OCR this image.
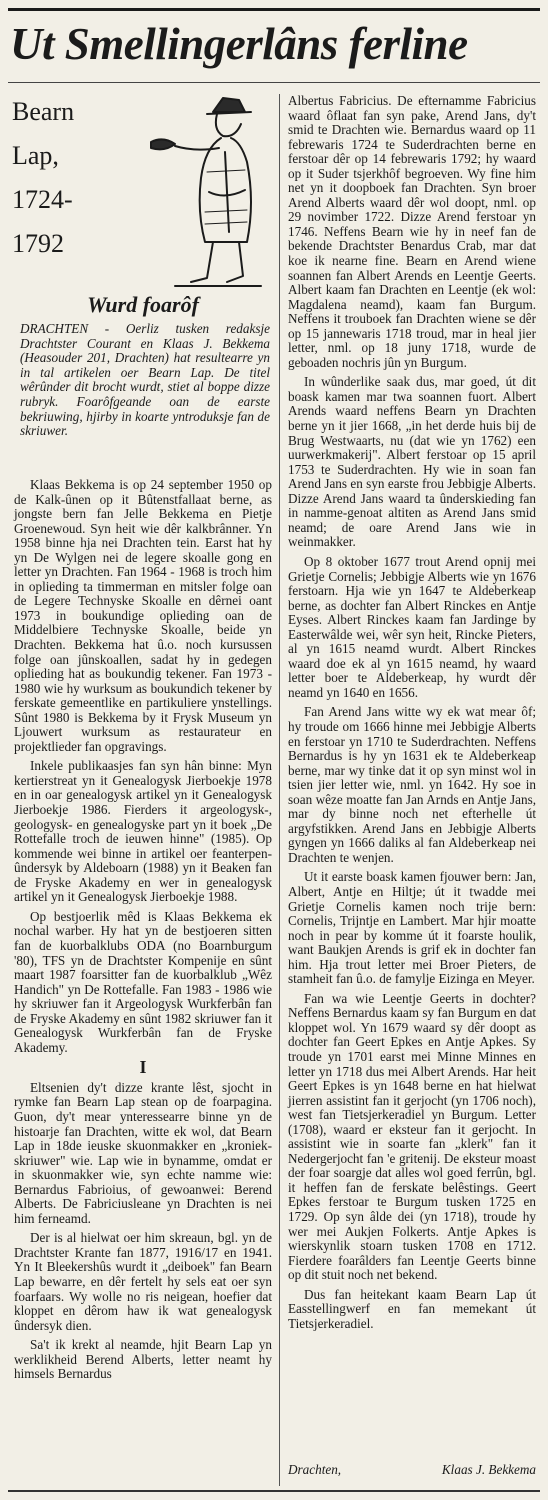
Ut Smellingerlâns ferline
Bearn
Lap,
1724-
1792
Wurd foarôf
DRACHTEN - Oerliz tusken redaksje Drachtster Courant en Klaas J. Bekkema (Heasouder 201, Drachten) hat resultearre yn in tal artikelen oer Bearn Lap. De titel wêrûnder dit brocht wurdt, stiet al boppe dizze rubryk. Foarôfgeande oan de earste bekriuwing, hjirby in koarte yntroduksje fan de skriuwer.

Klaas Bekkema is op 24 september 1950 op de Kalk-ûnen op it Bûtenstfallaat berne, as jongste bern fan Jelle Bekkema en Pietje Groenewoud. Syn heit wie dêr kalkbrânner. Yn 1958 binne hja nei Drachten tein. Earst hat hy yn De Wylgen nei de legere skoalle gong en letter yn Drachten. Fan 1964 - 1968 is troch him in oplieding ta timmerman en mitsler folge oan de Legere Technyske Skoalle en dêrnei oant 1973 in boukundige oplieding oan de Middelbiere Technyske Skoalle, beide yn Drachten. Bekkema hat û.o. noch kursussen folge oan jûnskoallen, sadat hy in gedegen oplieding hat as boukundig tekener. Fan 1973 - 1980 wie hy wurksum as boukundich tekener by ferskate gemeentlike en partikuliere ynstellings. Sûnt 1980 is Bekkema by it Frysk Museum yn Ljouwert wurksum as restaurateur en projektlieder fan opgravings.

Inkele publikaasjes fan syn hân binne: Myn kertierstreat yn it Genealogysk Jierboekje 1978 en in oar genealogysk artikel yn it Genealogysk Jierboekje 1986. Fierders it argeologysk-, geologysk- en genealogyske part yn it boek „De Rottefalle troch de ieuwen hinne" (1985). Op kommende wei binne in artikel oer feanterpen-ûndersyk by Aldeboarn (1988) yn it Beaken fan de Fryske Akademy en wer in genealogysk artikel yn it Genealogysk Jierboekje 1988.

Op bestjoerlik mêd is Klaas Bekkema ek nochal warber. Hy hat yn de bestjoeren sitten fan de kuorbalklubs ODA (no Boarnburgum '80), TFS yn de Drachtster Kompenije en sûnt maart 1987 foarsitter fan de kuorbalklub „Wêz Handich" yn De Rottefalle. Fan 1983 - 1986 wie hy skriuwer fan it Argeologysk Wurkferbân fan de Fryske Akademy en sûnt 1982 skriuwer fan it Genealogysk Wurkferbân fan de Fryske Akademy.

I

Eltsenien dy't dizze krante lêst, sjocht in rymke fan Bearn Lap stean op de foarpagina. Guon, dy't mear ynteressearre binne yn de histoarje fan Drachten, witte ek wol, dat Bearn Lap in 18de ieuske skuonmakker en „kroniek-skriuwer" wie. Lap wie in bynamme, omdat er in skuonmakker wie, syn echte namme wie: Bernardus Fabrioius, of gewoanwei: Berend Alberts. De Fabriciusleane yn Drachten is nei him ferneamd.

Der is al hielwat oer him skreaun, bgl. yn de Drachtster Krante fan 1877, 1916/17 en 1941. Yn It Bleekershûs wurdt it „deiboek" fan Bearn Lap bewarre, en dêr fertelt hy sels eat oer syn foarfaars. Wy wolle no ris neigean, hoefier dat kloppet en dêrom haw ik wat genealogysk ûndersyk dien.

Sa't ik krekt al neamde, hjit Bearn Lap yn werklikheid Berend Alberts, letter neamt hy himsels Bernardus

Albertus Fabricius. De efternamme Fabricius waard ôflaat fan syn pake, Arend Jans, dy't smid te Drachten wie. Bernardus waard op 11 febrewaris 1724 te Suderdrachten berne en ferstoar dêr op 14 febrewaris 1792; hy waard op it Suder tsjerkhôf begroeven. Wy fine him net yn it doopboek fan Drachten. Syn broer Arend Alberts waard dêr wol doopt, nml. op 29 novimber 1722. Dizze Arend ferstoar yn 1746. Neffens Bearn wie hy in neef fan de bekende Drachtster Benardus Crab, mar dat koe ik nearne fine. Bearn en Arend wiene soannen fan Albert Arends en Leentje Geerts. Albert kaam fan Drachten en Leentje (ek wol: Magdalena neamd), kaam fan Burgum. Neffens it trouboek fan Drachten wiene se dêr op 15 jannewaris 1718 troud, mar in heal jier letter, nml. op 18 juny 1718, wurde de geboaden nochris jûn yn Burgum.

In wûnderlike saak dus, mar goed, út dit boask kamen mar twa soannen fuort. Albert Arends waard neffens Bearn yn Drachten berne yn it jier 1668, „in het derde huis bij de Brug Westwaarts, nu (dat wie yn 1762) een uurwerkmakerij". Albert ferstoar op 15 april 1753 te Suderdrachten. Hy wie in soan fan Arend Jans en syn earste frou Jebbigje Alberts. Dizze Arend Jans waard ta ûnderskieding fan in namme-genoat altiten as Arend Jans smid neamd; de oare Arend Jans wie in weinmakker.

Op 8 oktober 1677 trout Arend opnij mei Grietje Cornelis; Jebbigje Alberts wie yn 1676 ferstoarn. Hja wie yn 1647 te Aldeberkeap berne, as dochter fan Albert Rinckes en Antje Eyses. Albert Rinckes kaam fan Jardinge by Easterwâlde wei, wêr syn heit, Rincke Pieters, al yn 1615 neamd wurdt. Albert Rinckes waard doe ek al yn 1615 neamd, hy waard letter boer te Aldeberkeap, hy wurdt dêr neamd yn 1640 en 1656.

Fan Arend Jans witte wy ek wat mear ôf; hy troude om 1666 hinne mei Jebbigje Alberts en ferstoar yn 1710 te Suderdrachten. Neffens Bernardus is hy yn 1631 ek te Aldeberkeap berne, mar wy tinke dat it op syn minst wol in tsien jier letter wie, nml. yn 1642. Hy soe in soan wêze moatte fan Jan Arnds en Antje Jans, mar dy binne noch net efterhelle út argyfstikken. Arend Jans en Jebbigje Alberts gyngen yn 1666 daliks al fan Aldeberkeap nei Drachten te wenjen.

Ut it earste boask kamen fjouwer bern: Jan, Albert, Antje en Hiltje; út it twadde mei Grietje Cornelis kamen noch trije bern: Cornelis, Trijntje en Lambert. Mar hjir moatte noch in pear by komme út it foarste houlik, want Baukjen Arends is grif ek in dochter fan him. Hja trout letter mei Broer Pieters, de stamheit fan û.o. de famylje Eizinga en Meyer.

Fan wa wie Leentje Geerts in dochter? Neffens Bernardus kaam sy fan Burgum en dat kloppet wol. Yn 1679 waard sy dêr doopt as dochter fan Geert Epkes en Antje Apkes. Sy troude yn 1701 earst mei Minne Minnes en letter yn 1718 dus mei Albert Arends. Har heit Geert Epkes is yn 1648 berne en hat hielwat jierren assistint fan it gerjocht (yn 1706 noch), west fan Tietsjerkeradiel yn Burgum. Letter (1708), waard er eksteur fan it gerjocht. In assistint wie in soarte fan „klerk" fan it Nedergerjocht fan 'e gritenij. De eksteur moast der foar soargje dat alles wol goed ferrûn, bgl. it heffen fan de ferskate belêstings. Geert Epkes ferstoar te Burgum tusken 1725 en 1729. Op syn âlde dei (yn 1718), troude hy wer mei Aukjen Folkerts. Antje Apkes is wierskynlik stoarn tusken 1708 en 1712. Fierdere foarâlders fan Leentje Geerts binne op dit stuit noch net bekend.

Dus fan heitekant kaam Bearn Lap út Easstellingwerf en fan memekant út Tietsjerkeradiel.

Drachten,	Klaas J. Bekkema
